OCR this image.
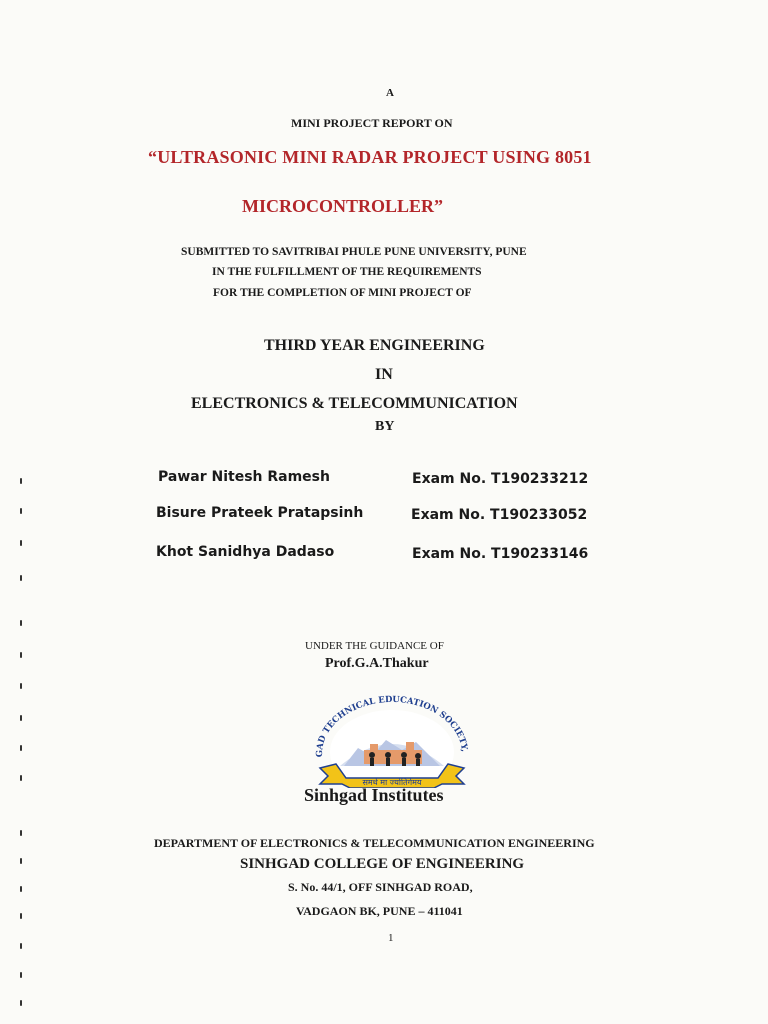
A
MINI PROJECT REPORT ON
“ULTRASONIC MINI RADAR PROJECT USING 8051
MICROCONTROLLER”
SUBMITTED TO SAVITRIBAI PHULE PUNE UNIVERSITY, PUNE
IN THE FULFILLMENT OF THE REQUIREMENTS
FOR THE COMPLETION OF MINI PROJECT OF
THIRD YEAR ENGINEERING
IN
ELECTRONICS & TELECOMMUNICATION
BY
Pawar Nitesh Ramesh	Exam No. T190233212
Bisure Prateek Pratapsinh	Exam No. T190233052
Khot Sanidhya Dadaso	Exam No. T190233146
UNDER THE GUIDANCE OF
Prof.G.A.Thakur
GAD TECHNICAL EDUCATION SOCIETY,
समर्थ मा ज्योतिर्गमय
Sinhgad Institutes
DEPARTMENT OF ELECTRONICS & TELECOMMUNICATION ENGINEERING
SINHGAD COLLEGE OF ENGINEERING
S. No. 44/1, OFF SINHGAD ROAD,
VADGAON BK, PUNE – 411041
1
